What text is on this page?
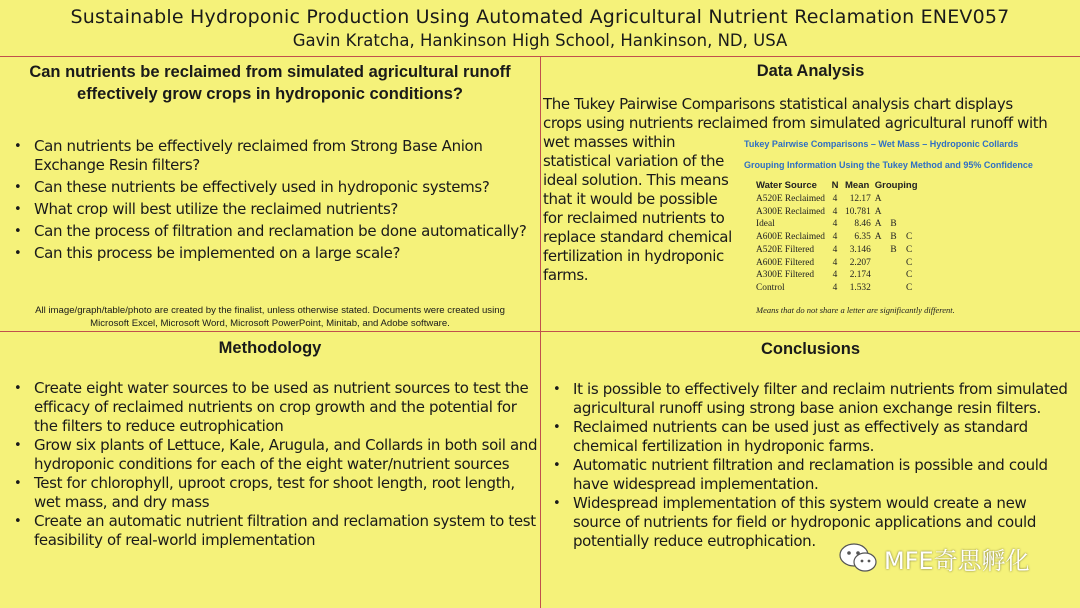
Sustainable Hydroponic Production Using Automated Agricultural Nutrient Reclamation ENEV057
Gavin Kratcha, Hankinson High School, Hankinson, ND, USA
Can nutrients be reclaimed from simulated agricultural runoff
effectively grow crops in hydroponic conditions?
• Can nutrients be effectively reclaimed from Strong Base Anion Exchange Resin filters?
• Can these nutrients be effectively used in hydroponic systems?
• What crop will best utilize the reclaimed nutrients?
• Can the process of filtration and reclamation be done automatically?
• Can this process be implemented on a large scale?
All image/graph/table/photo are created by the finalist, unless otherwise stated. Documents were created using
Microsoft Excel, Microsoft Word, Microsoft PowerPoint, Minitab, and Adobe software.
Data Analysis
The Tukey Pairwise Comparisons statistical analysis chart displays
crops using nutrients reclaimed from simulated agricultural runoff with
wet masses within statistical variation of the ideal solution. This means that it would be possible for reclaimed nutrients to replace standard chemical fertilization in hydroponic farms.
Tukey Pairwise Comparisons – Wet Mass – Hydroponic Collards
Grouping Information Using the Tukey Method and 95% Confidence
Water Source	N	Mean	Grouping		
A520E Reclaimed	4	12.17	A		
A300E Reclaimed	4	10.781	A		
Ideal	4	8.46	A	B	
A600E Reclaimed	4	6.35	A	B	C
A520E Filtered	4	3.146		B	C
A600E Filtered	4	2.207			C
A300E Filtered	4	2.174			C
Control	4	1.532			C
Means that do not share a letter are significantly different.
Methodology
• Create eight water sources to be used as nutrient sources to test the efficacy of reclaimed nutrients on crop growth and the potential for the filters to reduce eutrophication
• Grow six plants of Lettuce, Kale, Arugula, and Collards in both soil and hydroponic conditions for each of the eight water/nutrient sources
• Test for chlorophyll, uproot crops, test for shoot length, root length, wet mass, and dry mass
• Create an automatic nutrient filtration and reclamation system to test feasibility of real-world implementation
Conclusions
• It is possible to effectively filter and reclaim nutrients from simulated agricultural runoff using strong base anion exchange resin filters.
• Reclaimed nutrients can be used just as effectively as standard chemical fertilization in hydroponic farms.
• Automatic nutrient filtration and reclamation is possible and could have widespread implementation.
• Widespread implementation of this system would create a new source of nutrients for field or hydroponic applications and could potentially reduce eutrophication.
MFE奇思孵化
